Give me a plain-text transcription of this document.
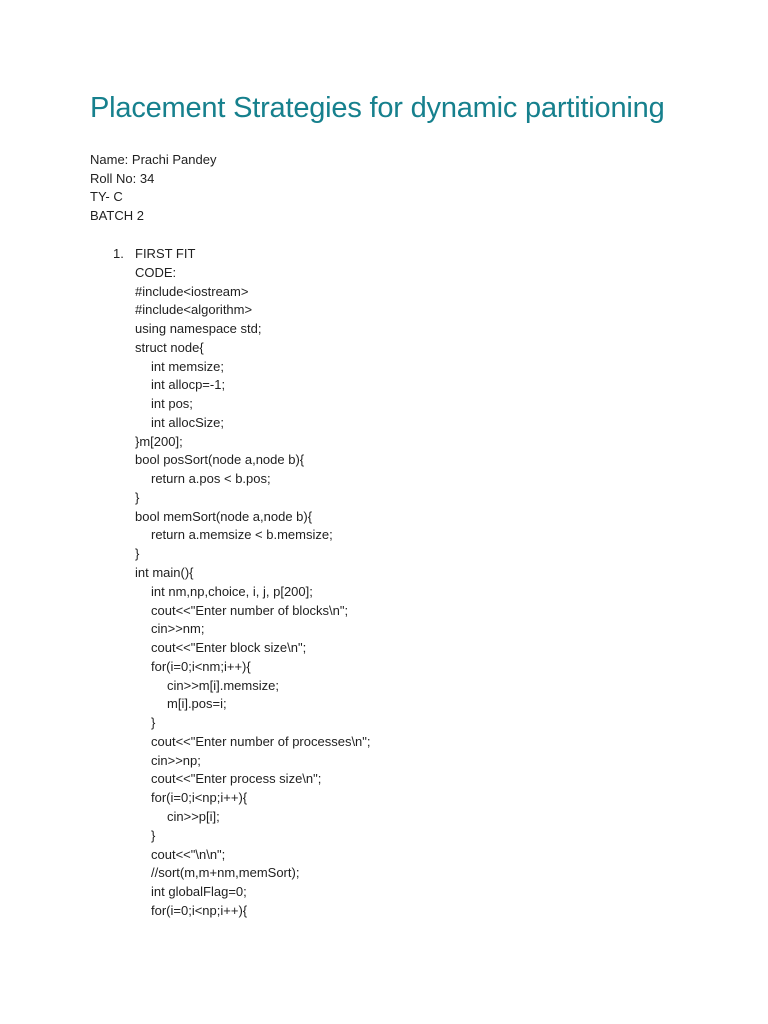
Placement Strategies for dynamic partitioning
Name: Prachi Pandey
Roll No: 34
TY- C
BATCH 2
1. FIRST FIT
CODE:
#include<iostream>
#include<algorithm>
using namespace std;
struct node{
int memsize;
int allocp=-1;
int pos;
int allocSize;
}m[200];
bool posSort(node a,node b){
return a.pos < b.pos;
}
bool memSort(node a,node b){
return a.memsize < b.memsize;
}
int main(){
int nm,np,choice, i, j, p[200];
cout<<"Enter number of blocks\n";
cin>>nm;
cout<<"Enter block size\n";
for(i=0;i<nm;i++){
cin>>m[i].memsize;
m[i].pos=i;
}
cout<<"Enter number of processes\n";
cin>>np;
cout<<"Enter process size\n";
for(i=0;i<np;i++){
cin>>p[i];
}
cout<<"\n\n";
//sort(m,m+nm,memSort);
int globalFlag=0;
for(i=0;i<np;i++){
